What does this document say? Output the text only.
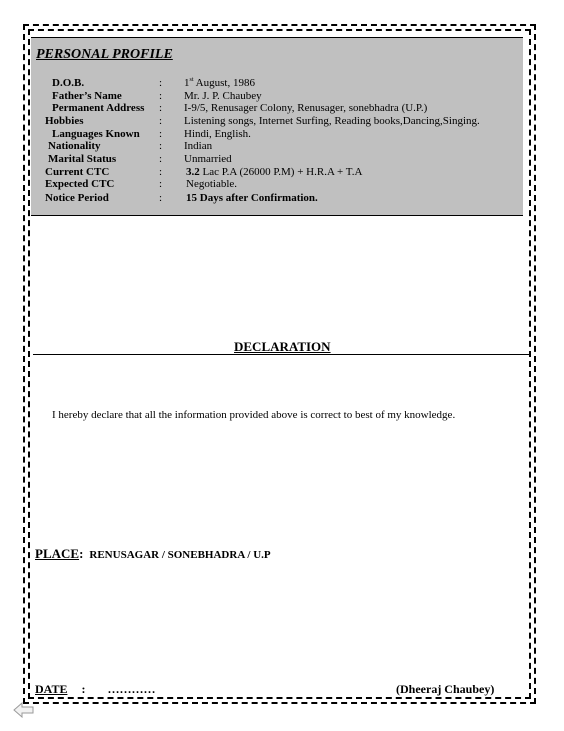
PERSONAL PROFILE
D.O.B.	: 1st August, 1986
Father’s Name	: Mr. J. P. Chaubey
Permanent Address : I-9/5, Renusager Colony, Renusager, sonebhadra (U.P.)
Hobbies	: Listening songs, Internet Surfing, Reading books,Dancing,Singing.
Languages Known : Hindi, English.
Nationality	: Indian
Marital Status	: Unmarried
Current CTC	: 3.2 Lac P.A (26000 P.M) + H.R.A + T.A
Expected CTC	: Negotiable.
Notice Period	: 15 Days after Confirmation.
DECLARATION
I hereby declare that all the information provided above is correct to best of my knowledge.
PLACE: RENUSAGAR / SONEBHADRA / U.P
DATE : …………	(Dheeraj Chaubey)
